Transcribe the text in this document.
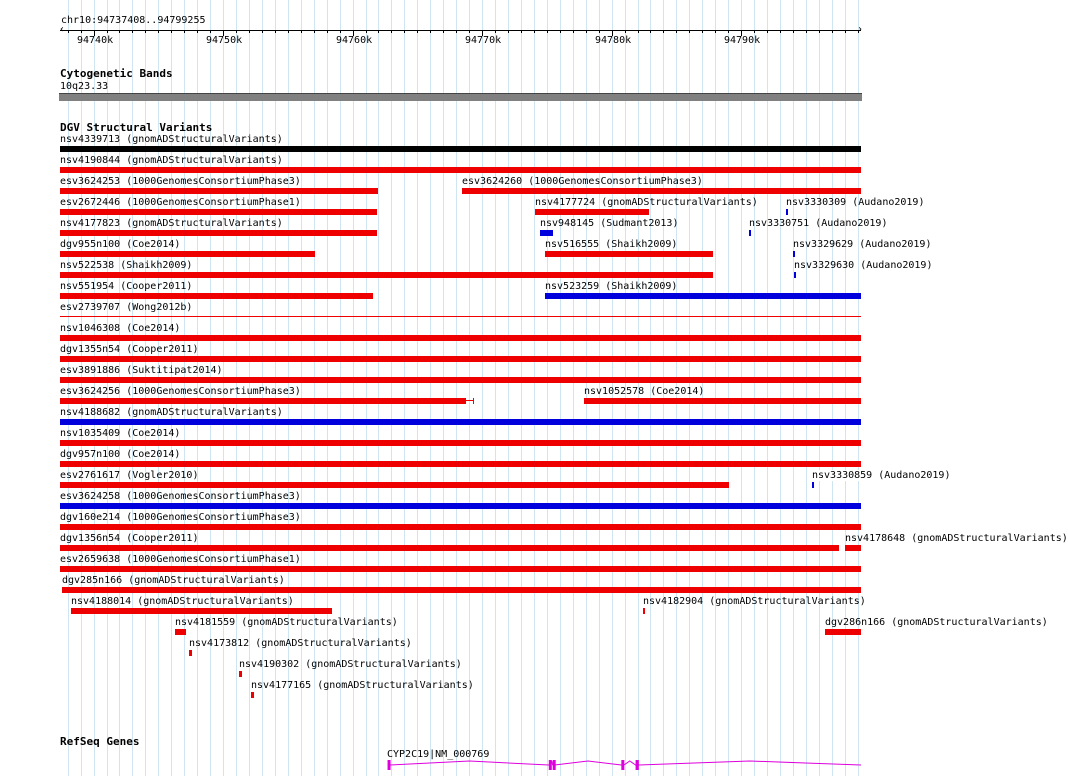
chr10:94737408..94799255
94740k	94750k	94760k	94770k	94780k	94790k
‹	›
Cytogenetic Bands
10q23.33
DGV Structural Variants
nsv4339713 (gnomADStructuralVariants)
nsv4190844 (gnomADStructuralVariants)
esv3624253 (1000GenomesConsortiumPhase3)	esv3624260 (1000GenomesConsortiumPhase3)
esv2672446 (1000GenomesConsortiumPhase1)	nsv4177724 (gnomADStructuralVariants)	nsv3330309 (Audano2019)
nsv4177823 (gnomADStructuralVariants)	nsv948145 (Sudmant2013)	nsv3330751 (Audano2019)
dgv955n100 (Coe2014)	nsv516555 (Shaikh2009)	nsv3329629 (Audano2019)
nsv522538 (Shaikh2009)	nsv3329630 (Audano2019)
nsv551954 (Cooper2011)	nsv523259 (Shaikh2009)
esv2739707 (Wong2012b)
nsv1046308 (Coe2014)
dgv1355n54 (Cooper2011)
esv3891886 (Suktitipat2014)
esv3624256 (1000GenomesConsortiumPhase3)	nsv1052578 (Coe2014)
nsv4188682 (gnomADStructuralVariants)
nsv1035409 (Coe2014)
dgv957n100 (Coe2014)
esv2761617 (Vogler2010)	nsv3330859 (Audano2019)
esv3624258 (1000GenomesConsortiumPhase3)
dgv160e214 (1000GenomesConsortiumPhase3)
dgv1356n54 (Cooper2011)	nsv4178648 (gnomADStructuralVariants)
esv2659638 (1000GenomesConsortiumPhase1)
dgv285n166 (gnomADStructuralVariants)
nsv4188014 (gnomADStructuralVariants)	nsv4182904 (gnomADStructuralVariants)
nsv4181559 (gnomADStructuralVariants)	dgv286n166 (gnomADStructuralVariants)
nsv4173812 (gnomADStructuralVariants)
nsv4190302 (gnomADStructuralVariants)
nsv4177165 (gnomADStructuralVariants)
RefSeq Genes
CYP2C19|NM_000769
